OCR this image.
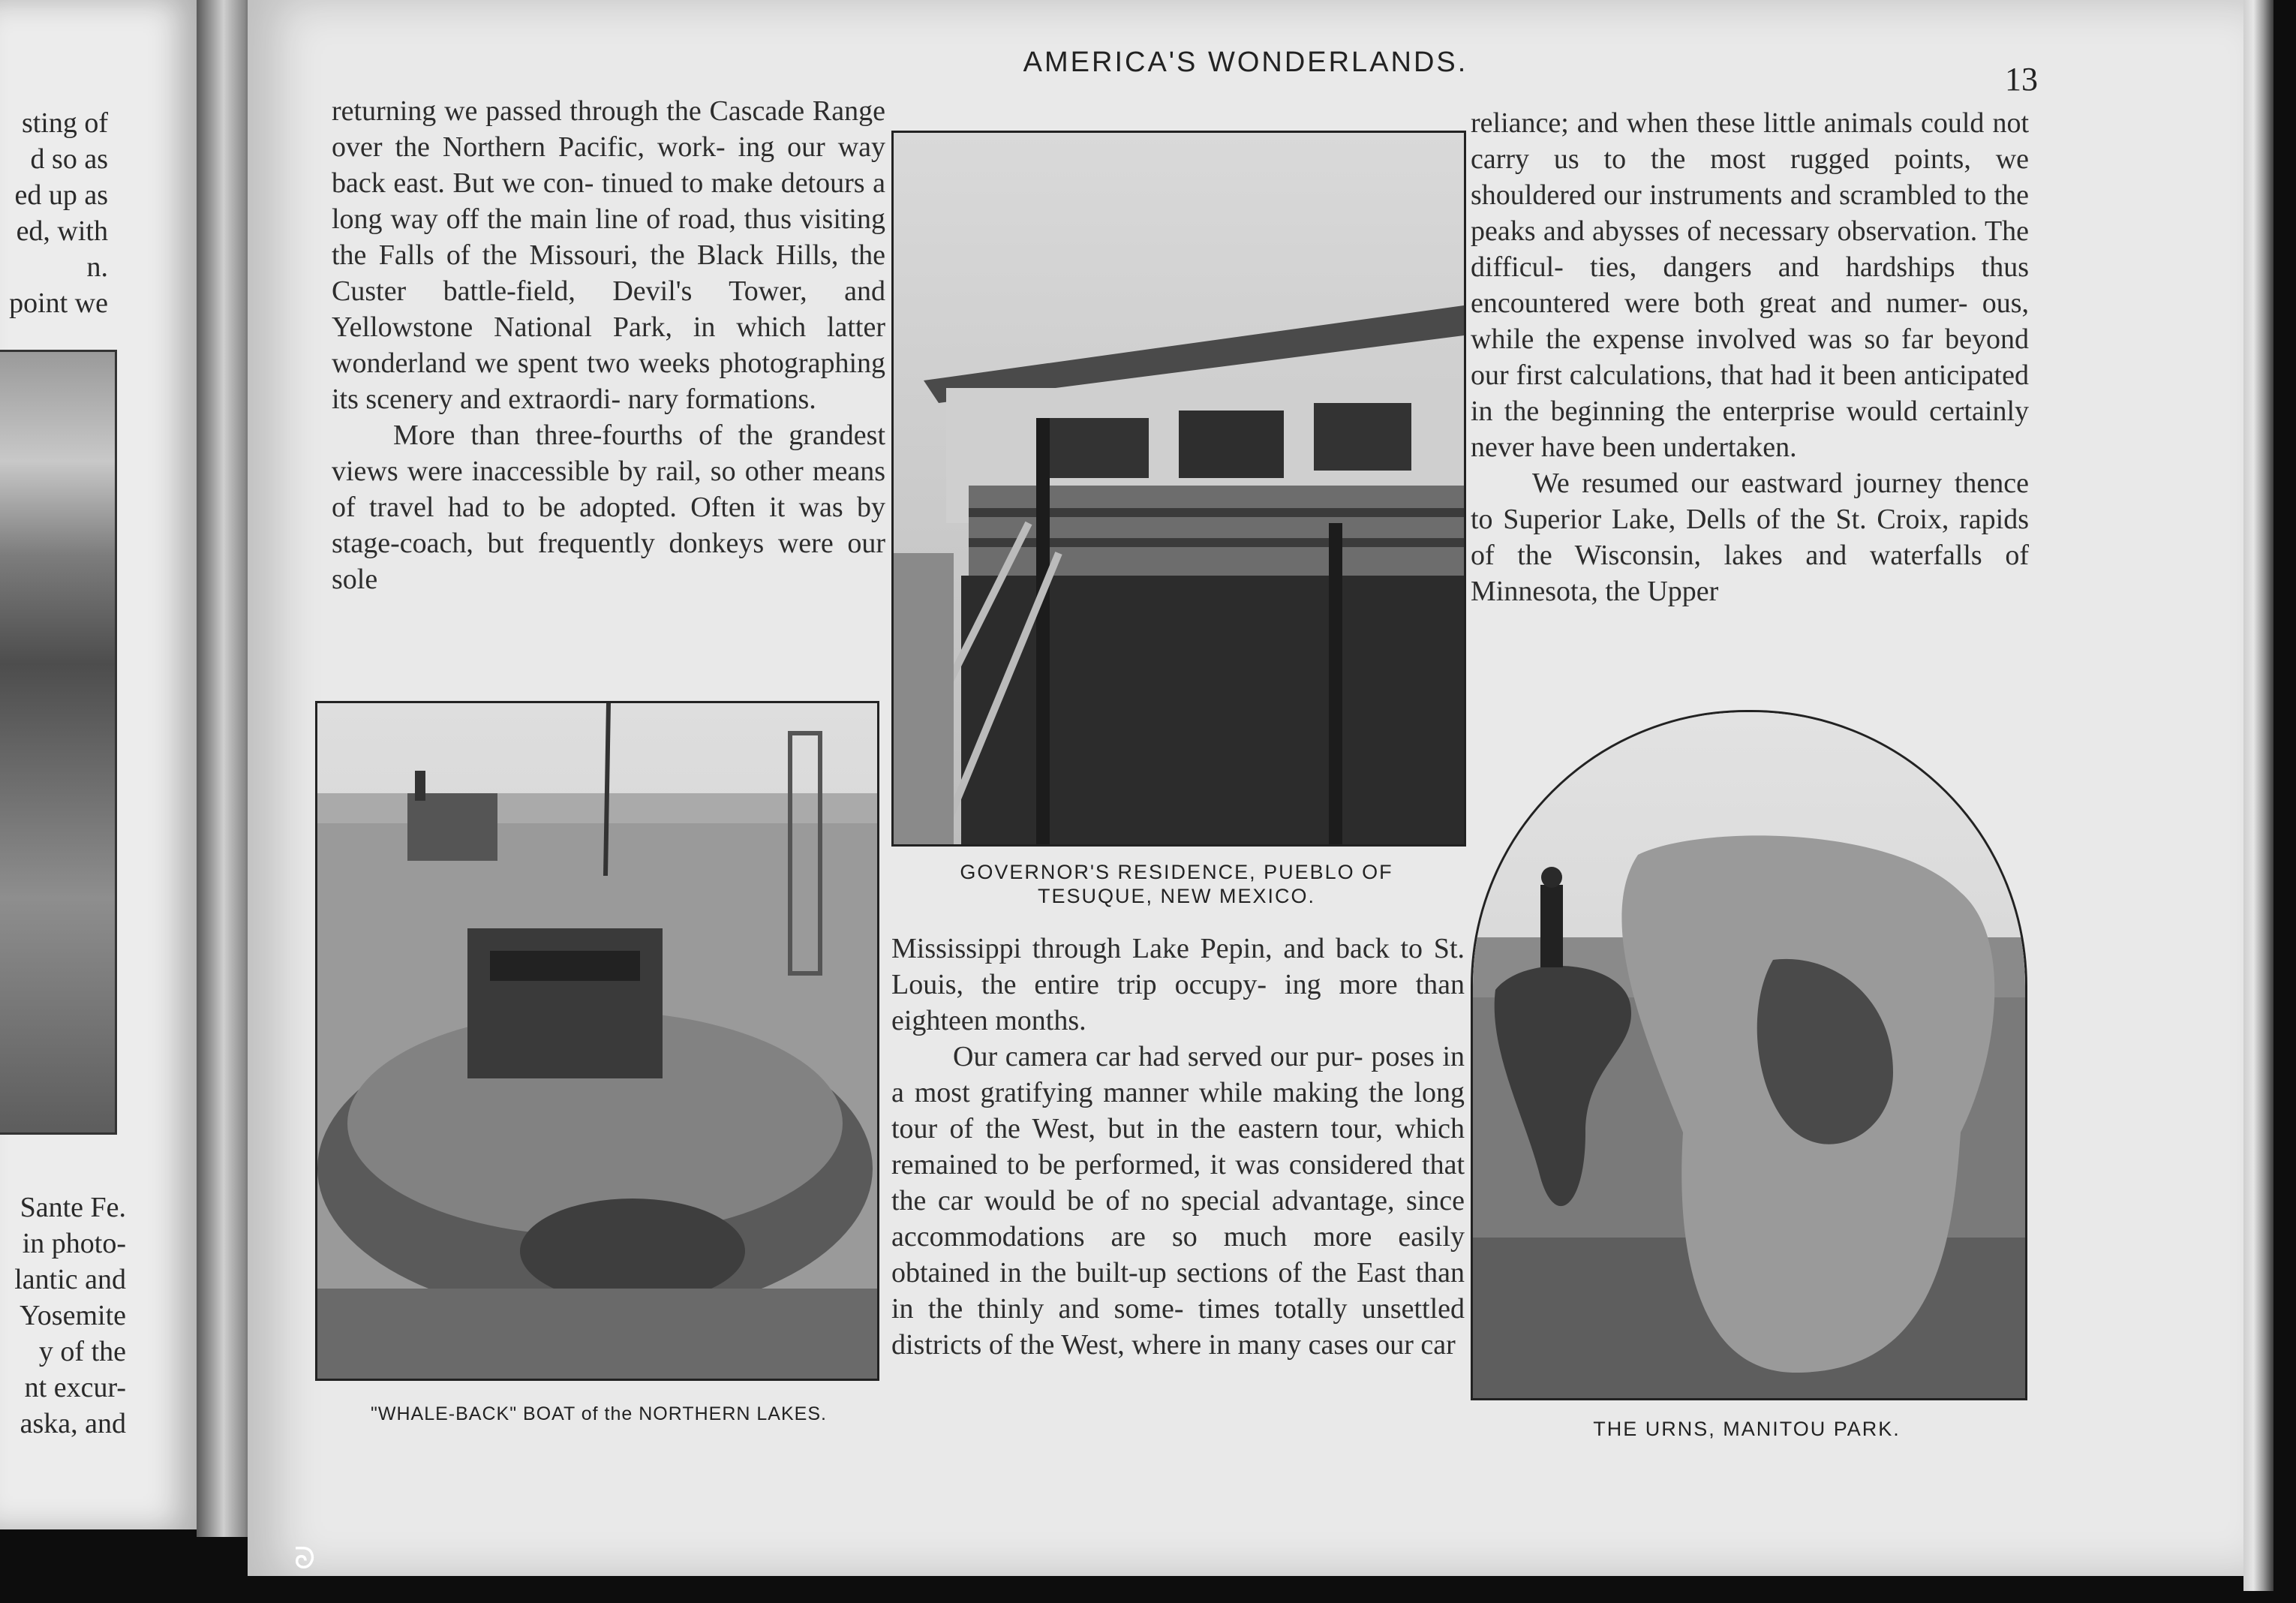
sting of
d so as
ed up as
ed, with
n.
point we
Sante Fe.
in photo-
lantic and
Yosemite
y of the
nt excur-
aska, and
AMERICA'S WONDERLANDS.	13

returning we passed through the Cascade Range over the Northern Pacific, work- ing our way back east. But we con- tinued to make detours a long way off the main line of road, thus visiting the Falls of the Missouri, the Black Hills, the Custer battle-field, Devil's Tower, and Yellowstone National Park, in which latter wonderland we spent two weeks photographing its scenery and extraordi- nary formations.

More than three-fourths of the grandest views were inaccessible by rail, so other means of travel had to be adopted. Often it was by stage-coach, but frequently donkeys were our sole

GOVERNOR'S RESIDENCE, PUEBLO OF
TESUQUE, NEW MEXICO.

Mississippi through Lake Pepin, and back to St. Louis, the entire trip occupy- ing more than eighteen months.

Our camera car had served our pur- poses in a most gratifying manner while making the long tour of the West, but in the eastern tour, which remained to be performed, it was considered that the car would be of no special advantage, since accommodations are so much more easily obtained in the built-up sections of the East than in the thinly and some- times totally unsettled districts of the West, where in many cases our car

reliance; and when these little animals could not carry us to the most rugged points, we shouldered our instruments and scrambled to the peaks and abysses of necessary observation. The difficul- ties, dangers and hardships thus encountered were both great and numer- ous, while the expense involved was so far beyond our first calculations, that had it been anticipated in the beginning the enterprise would certainly never have been undertaken.

We resumed our eastward journey thence to Superior Lake, Dells of the St. Croix, rapids of the Wisconsin, lakes and waterfalls of Minnesota, the Upper

"WHALE-BACK" BOAT of the NORTHERN LAKES.
THE URNS, MANITOU PARK.
ᘐ
